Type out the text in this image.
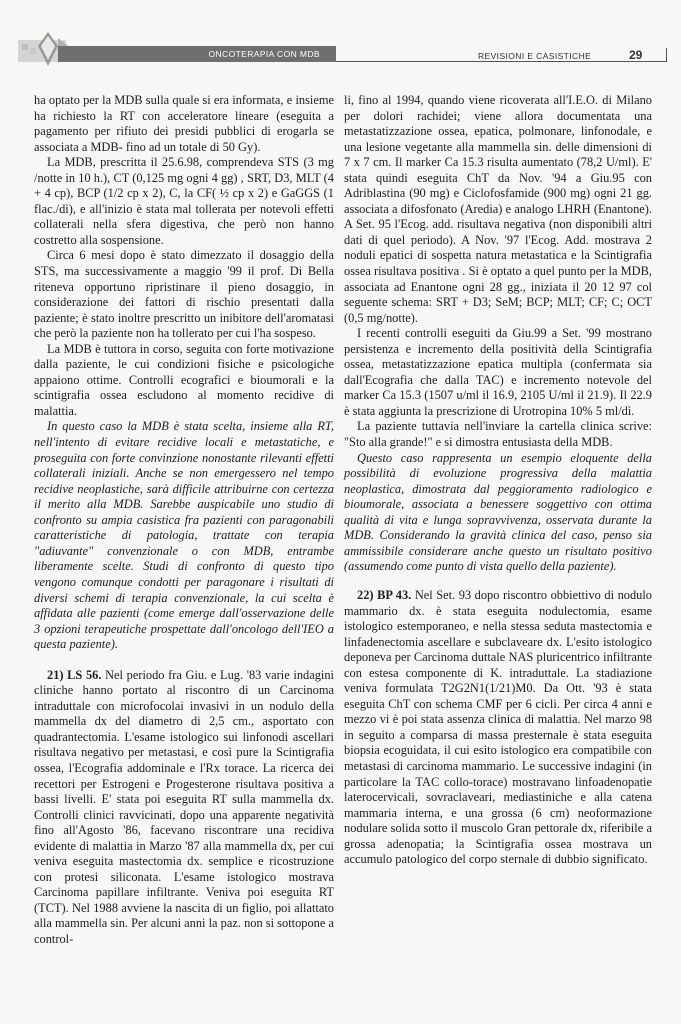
ONCOTERAPIA CON MDB	REVISIONI E CASISTICHE	29

ha optato per la MDB sulla quale si era informata, e insieme ha richiesto la RT con acceleratore lineare (eseguita a pagamento per rifiuto dei presidi pubblici di erogarla se associata a MDB- fino ad un totale di 50 Gy).

La MDB, prescritta il 25.6.98, comprendeva STS (3 mg /notte in 10 h.), CT (0,125 mg ogni 4 gg) , SRT, D3, MLT (4 + 4 cp), BCP (1/2 cp x 2), C, la CF( ½ cp x 2) e GaGGS (1 flac./dì), e all'inizio è stata mal tollerata per notevoli effetti collaterali nella sfera digestiva, che però non hanno costretto alla sospensione.

Circa 6 mesi dopo è stato dimezzato il dosaggio della STS, ma successivamente a maggio '99 il prof. Di Bella riteneva opportuno ripristinare il pieno dosaggio, in considerazione dei fattori di rischio presentati dalla paziente; è stato inoltre prescritto un inibitore dell'aromatasi che però la paziente non ha tollerato per cui l'ha sospeso.

La MDB è tuttora in corso, seguita con forte motivazione dalla paziente, le cui condizioni fisiche e psicologiche appaiono ottime. Controlli ecografici e bioumorali e la scintigrafia ossea escludono al momento recidive di malattia.

In questo caso la MDB è stata scelta, insieme alla RT, nell'intento di evitare recidive locali e metastatiche, e proseguita con forte convinzione nonostante rilevanti effetti collaterali iniziali. Anche se non emergessero nel tempo recidive neoplastiche, sarà difficile attribuirne con certezza il merito alla MDB. Sarebbe auspicabile uno studio di confronto su ampia casistica fra pazienti con paragonabili caratteristiche di patologia, trattate con terapia "adiuvante" convenzionale o con MDB, entrambe liberamente scelte. Studi di confronto di questo tipo vengono comunque condotti per paragonare i risultati di diversi schemi di terapia convenzionale, la cui scelta è affidata alle pazienti (come emerge dall'osservazione delle 3 opzioni terapeutiche prospettate dall'oncologo dell'IEO a questa paziente).

21) LS 56. Nel periodo fra Giu. e Lug. '83 varie indagini cliniche hanno portato al riscontro di un Carcinoma intraduttale con microfocolai invasivi in un nodulo della mammella dx del diametro di 2,5 cm., asportato con quadrantectomia. L'esame istologico sui linfonodi ascellari risultava negativo per metastasi, e così pure la Scintigrafia ossea, l'Ecografia addominale e l'Rx torace. La ricerca dei recettori per Estrogeni e Progesterone risultava positiva a bassi livelli. E' stata poi eseguita RT sulla mammella dx. Controlli clinici ravvicinati, dopo una apparente negatività fino all'Agosto '86, facevano riscontrare una recidiva evidente di malattia in Marzo '87 alla mammella dx, per cui veniva eseguita mastectomia dx. semplice e ricostruzione con protesi siliconata. L'esame istologico mostrava Carcinoma papillare infiltrante. Veniva poi eseguita RT (TCT). Nel 1988 avviene la nascita di un figlio, poi allattato alla mammella sin. Per alcuni anni la paz. non si sottopone a control-

li, fino al 1994, quando viene ricoverata all'I.E.O. di Milano per dolori rachidei; viene allora documentata una metastatizzazione ossea, epatica, polmonare, linfonodale, e una lesione vegetante alla mammella sin. delle dimensioni di 7 x 7 cm. Il marker Ca 15.3 risulta aumentato (78,2 U/ml). E' stata quindi eseguita ChT da Nov. '94 a Giu.95 con Adriblastina (90 mg) e Ciclofosfamide (900 mg) ogni 21 gg. associata a difosfonato (Aredia) e analogo LHRH (Enantone). A Set. 95 l'Ecog. add. risultava negativa (non disponibili altri dati di quel periodo). A Nov. '97 l'Ecog. Add. mostrava 2 noduli epatici di sospetta natura metastatica e la Scintigrafia ossea risultava positiva . Si è optato a quel punto per la MDB, associata ad Enantone ogni 28 gg., iniziata il 20 12 97 col seguente schema: SRT + D3; SeM; BCP; MLT; CF; C; OCT (0,5 mg/notte).

I recenti controlli eseguiti da Giu.99 a Set. '99 mostrano persistenza e incremento della positività della Scintigrafia ossea, metastatizzazione epatica multipla (confermata sia dall'Ecografia che dalla TAC) e incremento notevole del marker Ca 15.3 (1507 u/ml il 16.9, 2105 U/ml il 21.9). Il 22.9 è stata aggiunta la prescrizione di Urotropina 10% 5 ml/dì.

La paziente tuttavia nell'inviare la cartella clinica scrive: "Sto alla grande!" e si dimostra entusiasta della MDB.

Questo caso rappresenta un esempio eloquente della possibilità di evoluzione progressiva della malattia neoplastica, dimostrata dal peggioramento radiologico e bioumorale, associata a benessere soggettivo con ottima qualità di vita e lunga sopravvivenza, osservata durante la MDB. Considerando la gravità clinica del caso, penso sia ammissibile considerare anche questo un risultato positivo (assumendo come punto di vista quello della paziente).

22) BP 43. Nel Set. 93 dopo riscontro obbiettivo di nodulo mammario dx. è stata eseguita nodulectomia, esame istologico estemporaneo, e nella stessa seduta mastectomia e linfadenectomia ascellare e subclaveare dx. L'esito istologico deponeva per Carcinoma duttale NAS pluricentrico infiltrante con estesa componente di K. intraduttale. La stadiazione veniva formulata T2G2N1(1/21)M0. Da Ott. '93 è stata eseguita ChT con schema CMF per 6 cicli. Per circa 4 anni e mezzo vi è poi stata assenza clinica di malattia. Nel marzo 98 in seguito a comparsa di massa presternale è stata eseguita biopsia ecoguidata, il cui esito istologico era compatibile con metastasi di carcinoma mammario. Le successive indagini (in particolare la TAC collo-torace) mostravano linfoadenopatie laterocervicali, sovraclaveari, mediastiniche e alla catena mammaria interna, e una grossa (6 cm) neoformazione nodulare solida sotto il muscolo Gran pettorale dx, riferibile a grossa adenopatia; la Scintigrafia ossea mostrava un accumulo patologico del corpo sternale di dubbio significato.
